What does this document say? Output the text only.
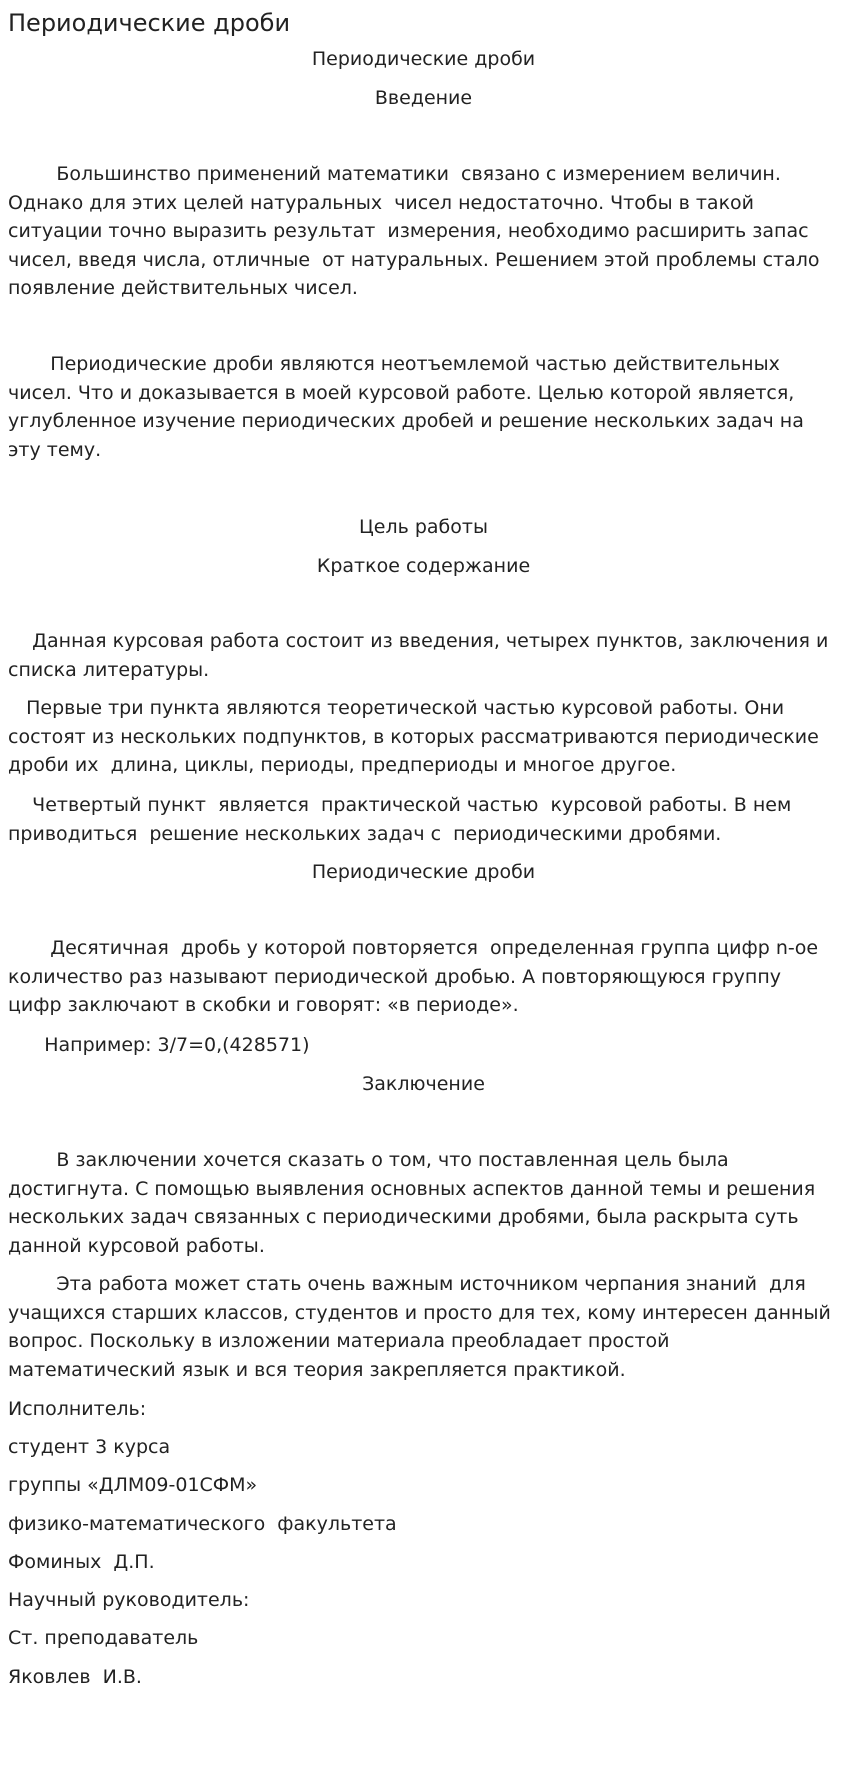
Периодические дроби
Периодические дроби
Введение

Большинство применений математики  связано с измерением величин. Однако для этих целей натуральных  чисел недостаточно. Чтобы в такой ситуации точно выразить результат  измерения, необходимо расширить запас чисел, введя числа, отличные  от натуральных. Решением этой проблемы стало появление действительных чисел.

Периодические дроби являются неотъемлемой частью действительных чисел. Что и доказывается в моей курсовой работе. Целью которой является, углубленное изучение периодических дробей и решение нескольких задач на эту тему.

Цель работы
Краткое содержание

Данная курсовая работа состоит из введения, четырех пунктов, заключения и списка литературы.

Первые три пункта являются теоретической частью курсовой работы. Они состоят из нескольких подпунктов, в которых рассматриваются периодические дроби их  длина, циклы, периоды, предпериоды и многое другое.

Четвертый пункт  является  практической частью  курсовой работы. В нем приводиться  решение нескольких задач с  периодическими дробями.

Периодические дроби

Десятичная  дробь у которой повторяется  определенная группа цифр n-ое количество раз называют периодической дробью. А повторяющуюся группу цифр заключают в скобки и говорят: «в периоде».

Например: 3/7=0,(428571)

Заключение

В заключении хочется сказать о том, что поставленная цель была достигнута. С помощью выявления основных аспектов данной темы и решения нескольких задач связанных с периодическими дробями, была раскрыта суть данной курсовой работы.

Эта работа может стать очень важным источником черпания знаний  для учащихся старших классов, студентов и просто для тех, кому интересен данный вопрос. Поскольку в изложении материала преобладает простой математический язык и вся теория закрепляется практикой.

Исполнитель:

студент 3 курса

группы «ДЛМ09-01СФМ»

физико-математического  факультета

Фоминых  Д.П.

Научный руководитель:

Ст. преподаватель

Яковлев  И.В.
